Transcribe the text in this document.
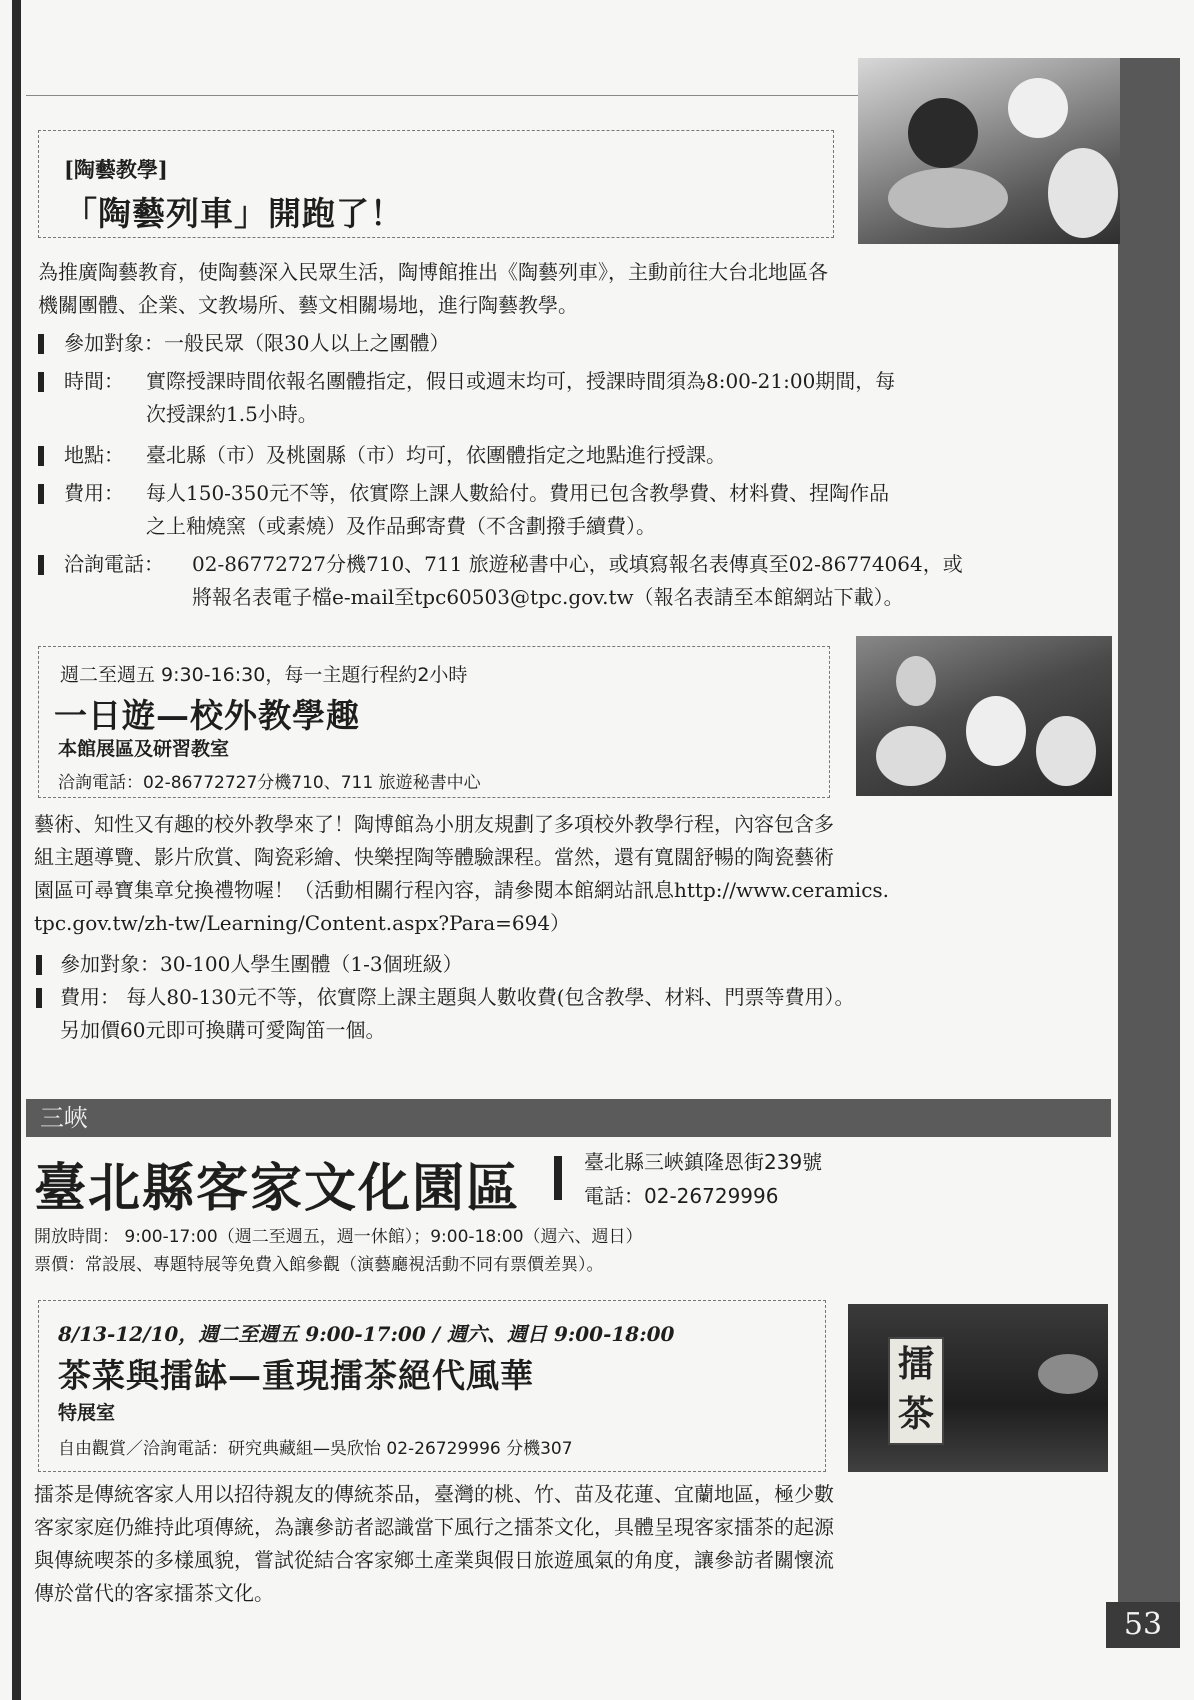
[陶藝教學]
「陶藝列車」開跑了！
為推廣陶藝教育，使陶藝深入民眾生活，陶博館推出《陶藝列車》，主動前往大台北地區各
機關團體、企業、文教場所、藝文相關場地，進行陶藝教學。
參加對象：一般民眾（限30人以上之團體）
時間： 實際授課時間依報名團體指定，假日或週末均可，授課時間須為8:00-21:00期間，每
次授課約1.5小時。
地點： 臺北縣（市）及桃園縣（市）均可，依團體指定之地點進行授課。
費用： 每人150-350元不等，依實際上課人數給付。費用已包含教學費、材料費、捏陶作品
之上釉燒窯（或素燒）及作品郵寄費（不含劃撥手續費）。
洽詢電話： 02-86772727分機710、711 旅遊秘書中心，或填寫報名表傳真至02-86774064，或
將報名表電子檔e-mail至tpc60503@tpc.gov.tw（報名表請至本館網站下載）。
週二至週五 9:30-16:30，每一主題行程約2小時
一日遊—校外教學趣
本館展區及研習教室
洽詢電話：02-86772727分機710、711 旅遊秘書中心
藝術、知性又有趣的校外教學來了！陶博館為小朋友規劃了多項校外教學行程，內容包含多
組主題導覽、影片欣賞、陶瓷彩繪、快樂捏陶等體驗課程。當然，還有寬闊舒暢的陶瓷藝術
園區可尋寶集章兌換禮物喔！（活動相關行程內容，請參閱本館網站訊息http://www.ceramics.
tpc.gov.tw/zh-tw/Learning/Content.aspx?Para=694）
參加對象：30-100人學生團體（1-3個班級）
費用： 每人80-130元不等，依實際上課主題與人數收費(包含教學、材料、門票等費用）。
另加價60元即可換購可愛陶笛一個。
三峽
臺北縣客家文化園區	臺北縣三峽鎮隆恩街239號
電話：02-26729996
開放時間： 9:00-17:00（週二至週五，週一休館）；9:00-18:00（週六、週日）
票價：常設展、專題特展等免費入館參觀（演藝廳視活動不同有票價差異）。
擂
茶
8/13-12/10，週二至週五 9:00-17:00 / 週六、週日 9:00-18:00
茶菜與擂缽—重現擂茶絕代風華
特展室
自由觀賞／洽詢電話：研究典藏組—吳欣怡 02-26729996 分機307
擂茶是傳統客家人用以招待親友的傳統茶品，臺灣的桃、竹、苗及花蓮、宜蘭地區，極少數
客家家庭仍維持此項傳統，為讓參訪者認識當下風行之擂茶文化，具體呈現客家擂茶的起源
與傳統喫茶的多樣風貌，嘗試從結合客家鄉土產業與假日旅遊風氣的角度，讓參訪者關懷流
傳於當代的客家擂茶文化。
53
